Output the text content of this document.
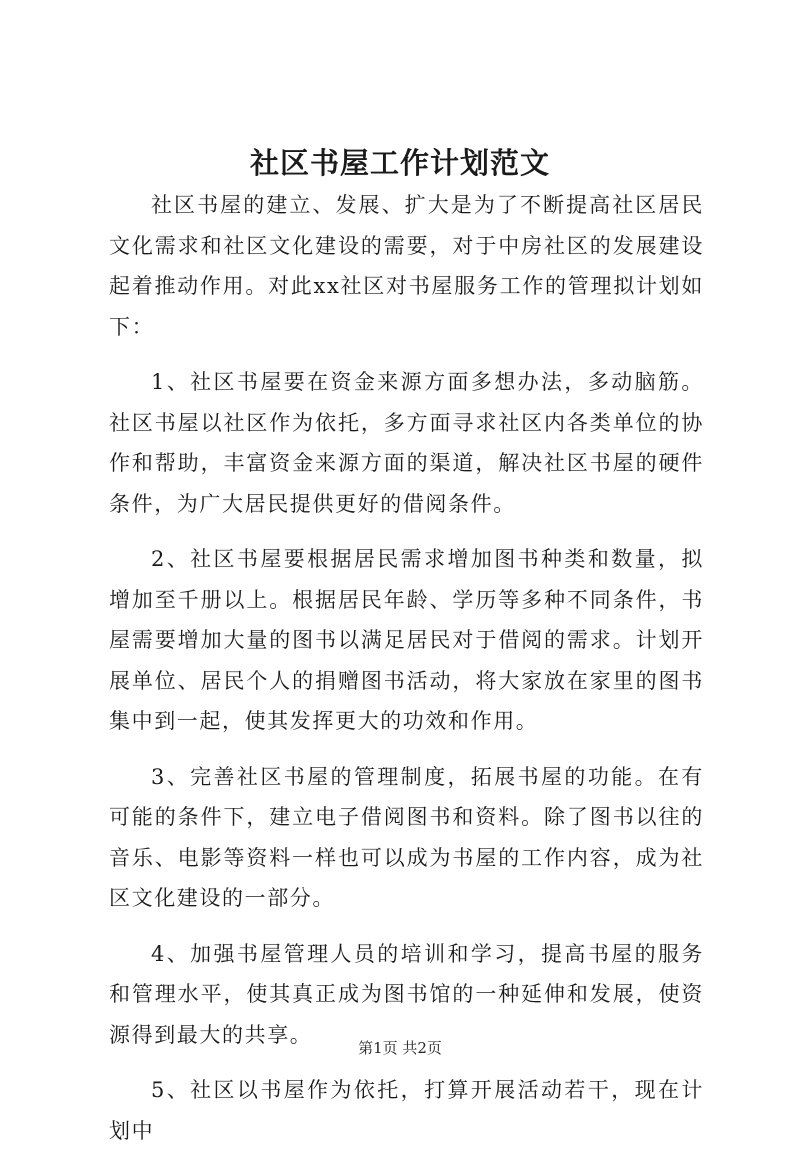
社区书屋工作计划范文

社区书屋的建立、发展、扩大是为了不断提高社区居民文化需求和社区文化建设的需要，对于中房社区的发展建设起着推动作用。对此xx社区对书屋服务工作的管理拟计划如下：

1、社区书屋要在资金来源方面多想办法，多动脑筋。社区书屋以社区作为依托，多方面寻求社区内各类单位的协作和帮助，丰富资金来源方面的渠道，解决社区书屋的硬件条件，为广大居民提供更好的借阅条件。

2、社区书屋要根据居民需求增加图书种类和数量，拟增加至千册以上。根据居民年龄、学历等多种不同条件，书屋需要增加大量的图书以满足居民对于借阅的需求。计划开展单位、居民个人的捐赠图书活动，将大家放在家里的图书集中到一起，使其发挥更大的功效和作用。

3、完善社区书屋的管理制度，拓展书屋的功能。在有可能的条件下，建立电子借阅图书和资料。除了图书以往的音乐、电影等资料一样也可以成为书屋的工作内容，成为社区文化建设的一部分。

4、加强书屋管理人员的培训和学习，提高书屋的服务和管理水平，使其真正成为图书馆的一种延伸和发展，使资源得到最大的共享。

5、社区以书屋作为依托，打算开展活动若干，现在计划中

第1页 共2页
